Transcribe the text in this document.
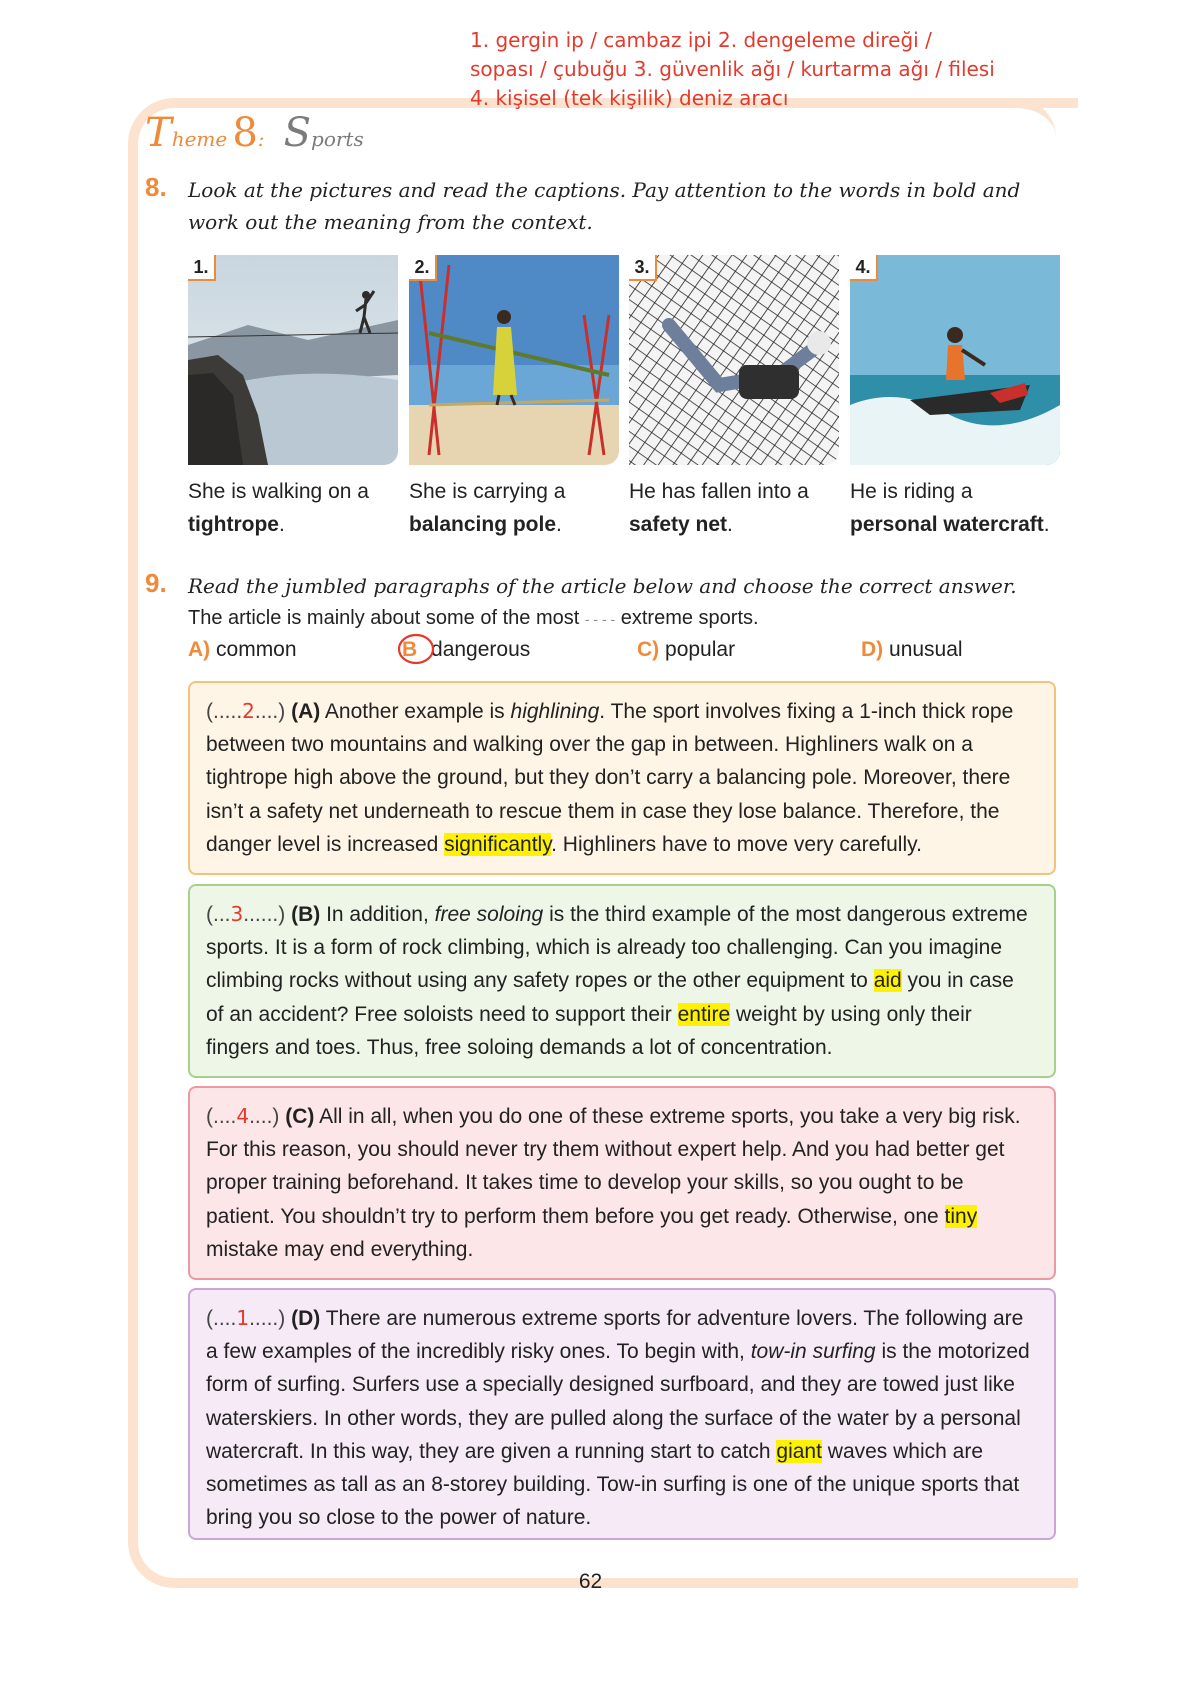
1. gergin ip / cambaz ipi 2. dengeleme direği /
sopası / çubuğu 3. güvenlik ağı / kurtarma ağı / filesi
4. kişisel (tek kişilik) deniz aracı
Theme 8: Sports
8. Look at the pictures and read the captions. Pay attention to the words in bold and
work out the meaning from the context.
1.	2.	3.	4.
She is walking on a
tightrope.
She is carrying a
balancing pole.
He has fallen into a
safety net.
He is riding a
personal watercraft.
9. Read the jumbled paragraphs of the article below and choose the correct answer.
The article is mainly about some of the most - - - - extreme sports.
A) common	B dangerous	C) popular	D) unusual
(.....2....) (A) Another example is highlining. The sport involves fixing a 1-inch thick rope between two mountains and walking over the gap in between. Highliners walk on a tightrope high above the ground, but they don’t carry a balancing pole. Moreover, there isn’t a safety net underneath to rescue them in case they lose balance. Therefore, the danger level is increased significantly. Highliners have to move very carefully.
(...3......) (B) In addition, free soloing is the third example of the most dangerous extreme sports. It is a form of rock climbing, which is already too challenging. Can you imagine climbing rocks without using any safety ropes or the other equipment to aid you in case of an accident? Free soloists need to support their entire weight by using only their fingers and toes. Thus, free soloing demands a lot of concentration.
(....4....) (C) All in all, when you do one of these extreme sports, you take a very big risk. For this reason, you should never try them without expert help. And you had better get proper training beforehand. It takes time to develop your skills, so you ought to be patient. You shouldn’t try to perform them before you get ready. Otherwise, one tiny mistake may end everything.
(....1.....) (D) There are numerous extreme sports for adventure lovers. The following are a few examples of the incredibly risky ones. To begin with, tow-in surfing is the motorized form of surfing. Surfers use a specially designed surfboard, and they are towed just like waterskiers. In other words, they are pulled along the surface of the water by a personal watercraft. In this way, they are given a running start to catch giant waves which are sometimes as tall as an 8-storey building. Tow-in surfing is one of the unique sports that bring you so close to the power of nature.
62
